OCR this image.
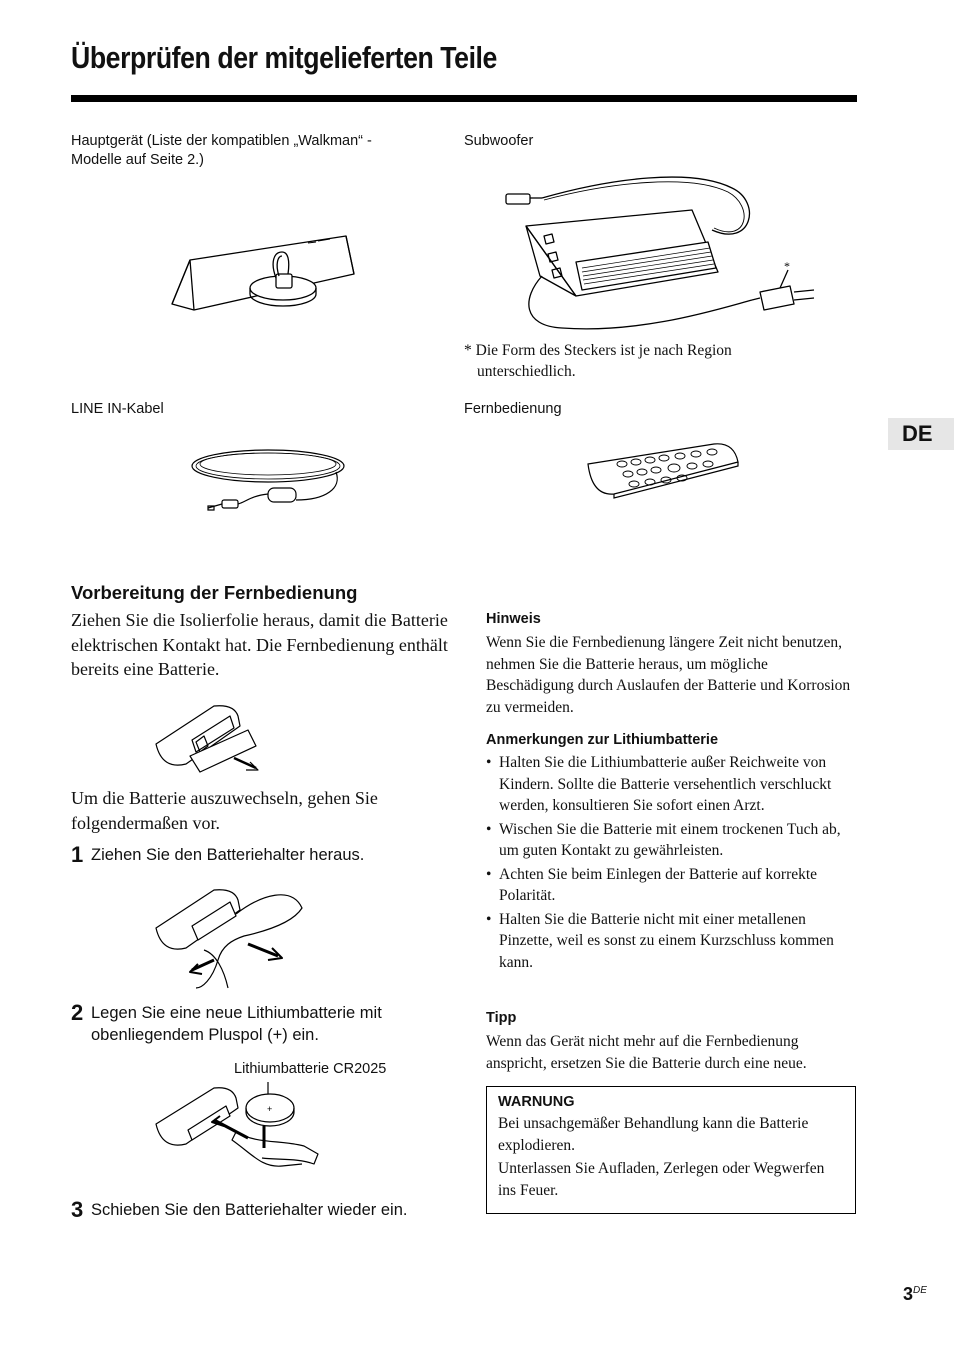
Überprüfen der mitgelieferten Teile
DE
Hauptgerät (Liste der kompatiblen „Walkman“ -Modelle auf Seite 2.)
Subwoofer
LINE IN-Kabel	Fernbedienung
* Die Form des Steckers ist je nach Region unterschiedlich.
*
Vorbereitung der Fernbedienung
Ziehen Sie die Isolierfolie heraus, damit die Batterie elektrischen Kontakt hat. Die Fernbedienung enthält bereits eine Batterie.
Um die Batterie auszuwechseln, gehen Sie folgendermaßen vor.
1 Ziehen Sie den Batteriehalter heraus.
2 Legen Sie eine neue Lithiumbatterie mit obenliegendem Pluspol (+) ein.
Lithiumbatterie CR2025
+
3 Schieben Sie den Batteriehalter wieder ein.
Hinweis
Wenn Sie die Fernbedienung längere Zeit nicht benutzen, nehmen Sie die Batterie heraus, um mögliche Beschädigung durch Auslaufen der Batterie und Korrosion zu vermeiden.
Anmerkungen zur Lithiumbatterie
• Halten Sie die Lithiumbatterie außer Reichweite von Kindern. Sollte die Batterie versehentlich verschluckt werden, konsultieren Sie sofort einen Arzt.
• Wischen Sie die Batterie mit einem trockenen Tuch ab, um guten Kontakt zu gewährleisten.
• Achten Sie beim Einlegen der Batterie auf korrekte Polarität.
• Halten Sie die Batterie nicht mit einer metallenen Pinzette, weil es sonst zu einem Kurzschluss kommen kann.
Tipp
Wenn das Gerät nicht mehr auf die Fernbedienung anspricht, ersetzen Sie die Batterie durch eine neue.
WARNUNG
Bei unsachgemäßer Behandlung kann die Batterie explodieren.
Unterlassen Sie Aufladen, Zerlegen oder Wegwerfen ins Feuer.
3DE
